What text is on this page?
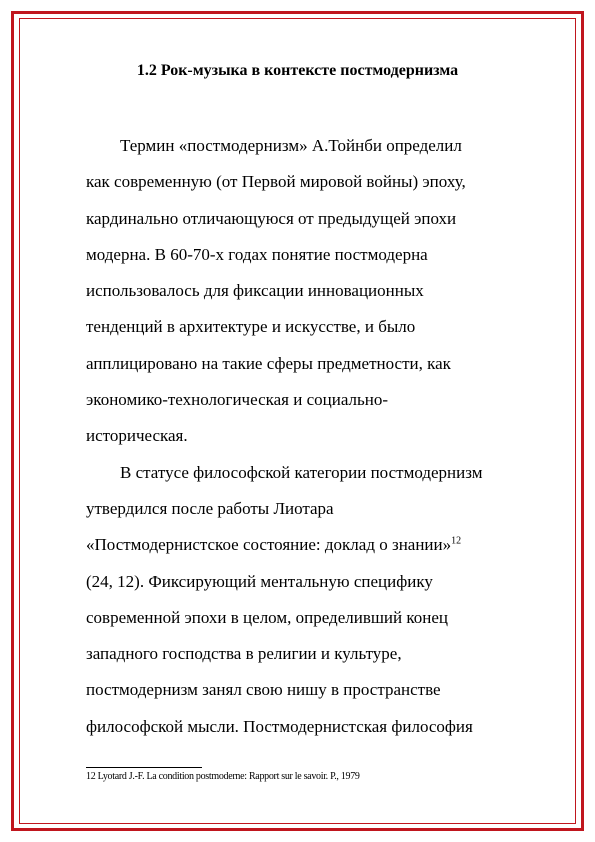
1.2 Рок-музыка в контексте постмодернизма

Термин «постмодернизм» А.Тойнби определил
как современную (от Первой мировой войны) эпоху,
кардинально отличающуюся от предыдущей эпохи
модерна. В 60-70-х годах понятие постмодерна
использовалось для фиксации инновационных
тенденций в архитектуре и искусстве, и было
апплицировано на такие сферы предметности, как
экономико-технологическая и социально-
историческая.

В статусе философской категории постмодернизм
утвердился после работы Лиотара
«Постмодернистское состояние: доклад о знании»$^{12}$
(24, 12). Фиксирующий ментальную специфику
современной эпохи в целом, определивший конец
западного господства в религии и культуре,
постмодернизм занял свою нишу в пространстве
философской мысли. Постмодернистская философия

12 Lyotard J.-F. La condition postmoderne: Rapport sur le savoir. P., 1979
